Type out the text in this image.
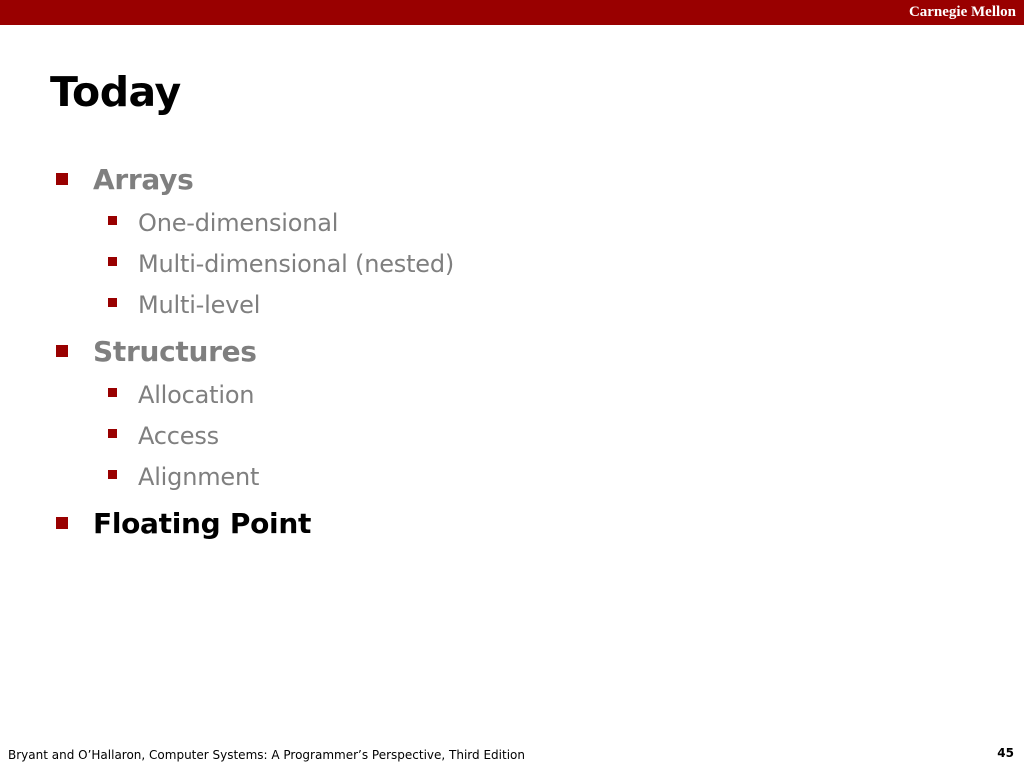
Carnegie Mellon
Today
Arrays
One-dimensional
Multi-dimensional (nested)
Multi-level
Structures
Allocation
Access
Alignment
Floating Point
Bryant and O’Hallaron, Computer Systems: A Programmer’s Perspective, Third Edition	45
